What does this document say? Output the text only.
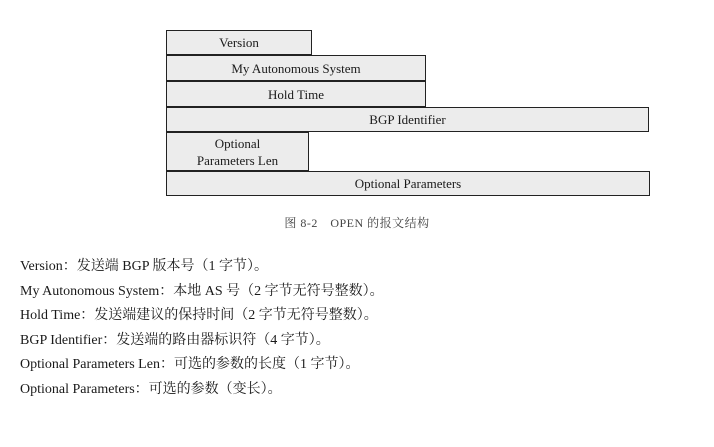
Version
My Autonomous System
Hold Time
BGP Identifier
Optional Parameters Len
Optional Parameters
图 8-2　OPEN 的报文结构
Version：发送端 BGP 版本号（1 字节）。
My Autonomous System：本地 AS 号（2 字节无符号整数）。
Hold Time：发送端建议的保持时间（2 字节无符号整数）。
BGP Identifier：发送端的路由器标识符（4 字节）。
Optional Parameters Len：可选的参数的长度（1 字节）。
Optional Parameters：可选的参数（变长）。
